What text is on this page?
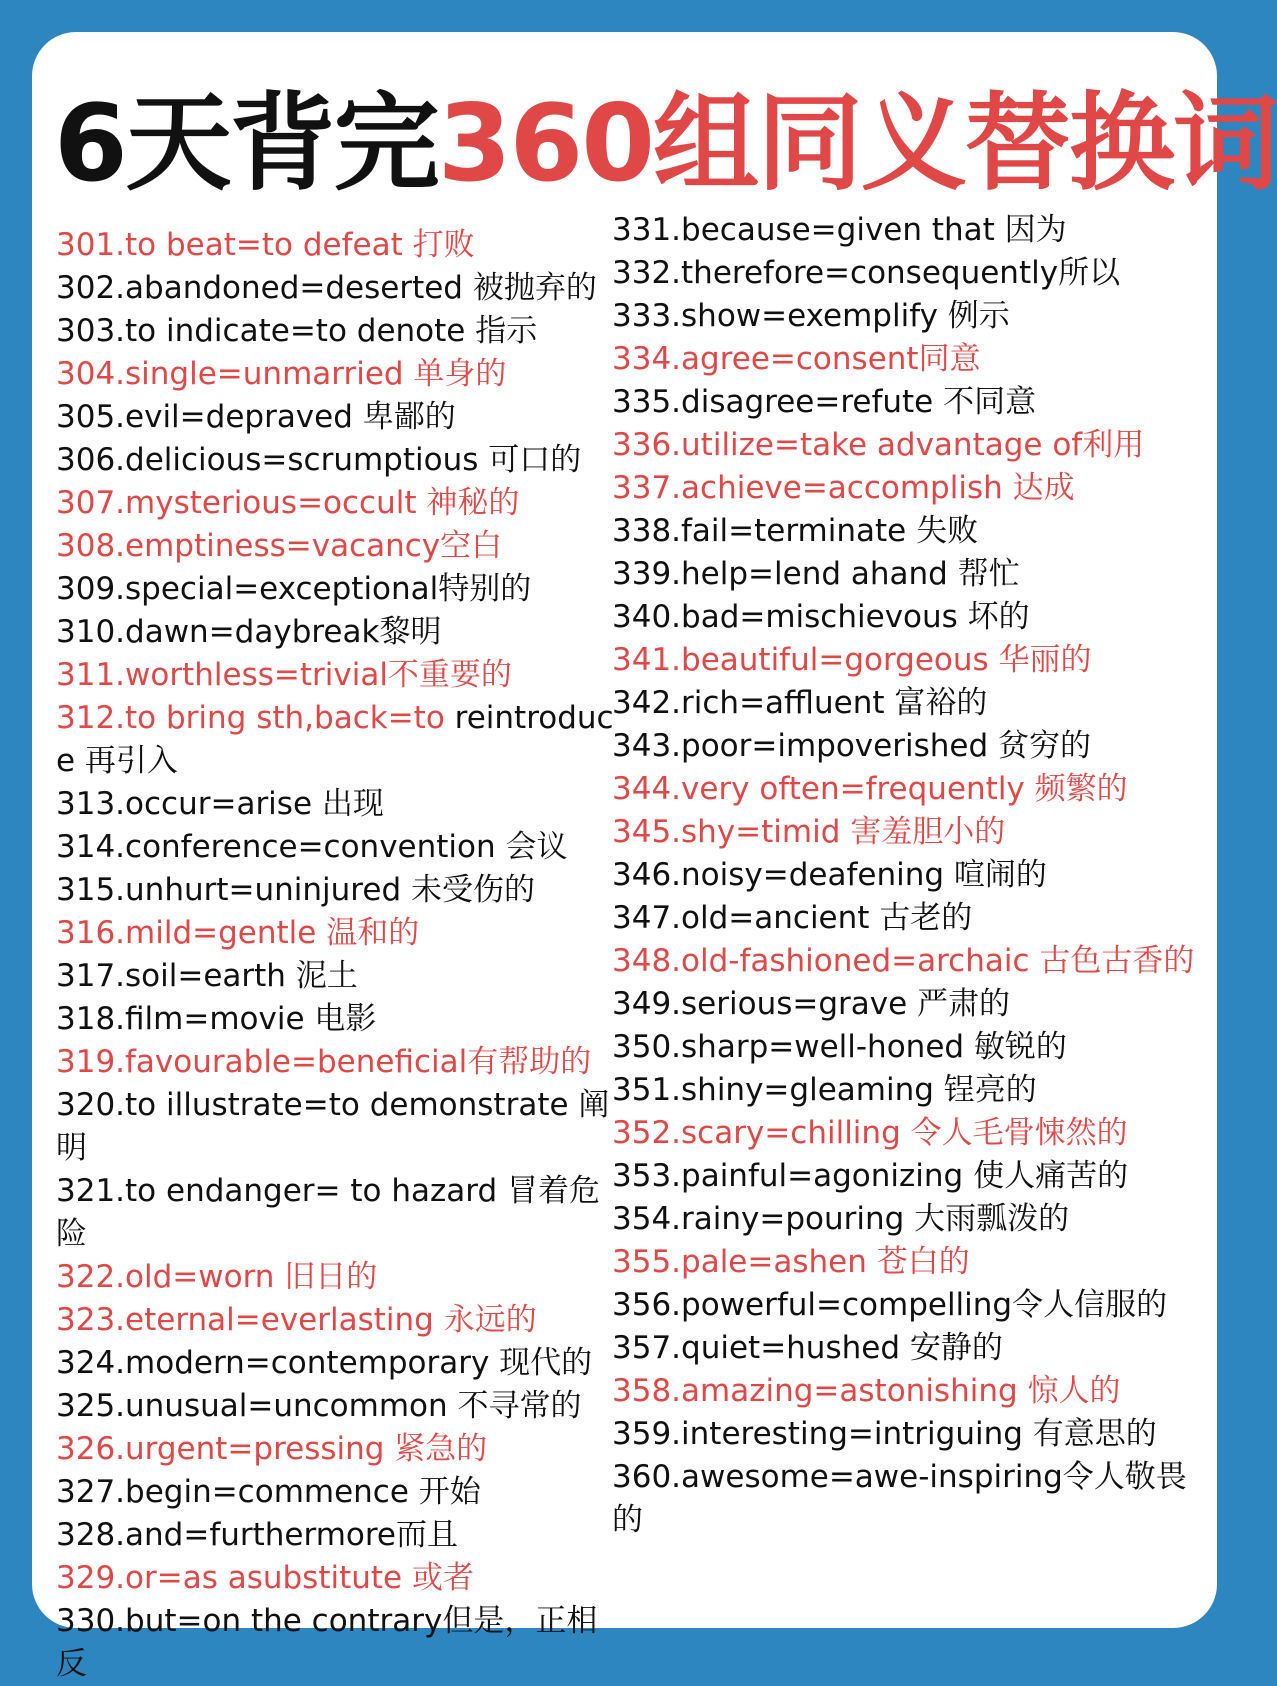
6天背完360组同义替换词
301.to beat=to defeat 打败
302.abandoned=deserted 被抛弃的
303.to indicate=to denote 指示
304.single=unmarried 单身的
305.evil=depraved 卑鄙的
306.delicious=scrumptious 可口的
307.mysterious=occult 神秘的
308.emptiness=vacancy空白
309.special=exceptional特别的
310.dawn=daybreak黎明
311.worthless=trivial不重要的
312.to bring sth,back=to reintroduce 再引入
313.occur=arise 出现
314.conference=convention 会议
315.unhurt=uninjured 未受伤的
316.mild=gentle 温和的
317.soil=earth 泥土
318.film=movie 电影
319.favourable=beneficial有帮助的
320.to illustrate=to demonstrate 阐明
321.to endanger= to hazard 冒着危险
322.old=worn 旧日的
323.eternal=everlasting 永远的
324.modern=contemporary 现代的
325.unusual=uncommon 不寻常的
326.urgent=pressing 紧急的
327.begin=commence 开始
328.and=furthermore而且
329.or=as asubstitute 或者
330.but=on the contrary但是，正相反
331.because=given that 因为
332.therefore=consequently所以
333.show=exemplify 例示
334.agree=consent同意
335.disagree=refute 不同意
336.utilize=take advantage of利用
337.achieve=accomplish 达成
338.fail=terminate 失败
339.help=lend ahand 帮忙
340.bad=mischievous 坏的
341.beautiful=gorgeous 华丽的
342.rich=affluent 富裕的
343.poor=impoverished 贫穷的
344.very often=frequently 频繁的
345.shy=timid 害羞胆小的
346.noisy=deafening 喧闹的
347.old=ancient 古老的
348.old-fashioned=archaic 古色古香的
349.serious=grave 严肃的
350.sharp=well-honed 敏锐的
351.shiny=gleaming 锃亮的
352.scary=chilling 令人毛骨悚然的
353.painful=agonizing 使人痛苦的
354.rainy=pouring 大雨瓢泼的
355.pale=ashen 苍白的
356.powerful=compelling令人信服的
357.quiet=hushed 安静的
358.amazing=astonishing 惊人的
359.interesting=intriguing 有意思的
360.awesome=awe-inspiring令人敬畏的
